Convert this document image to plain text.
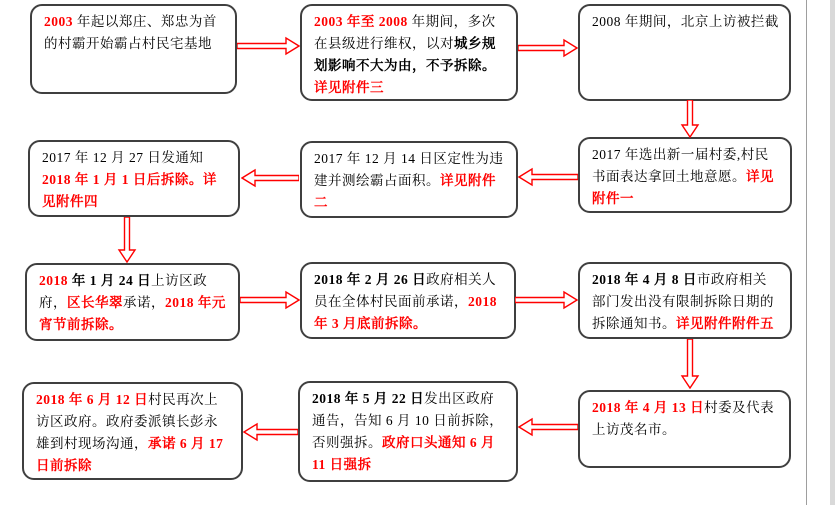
2003 年起以郑庄、郑忠为首的村霸开始霸占村民宅基地
2003 年至 2008 年期间，多次在县级进行维权，以对城乡规划影响不大为由，不予拆除。详见附件三
2008 年期间，北京上访被拦截
2017 年选出新一届村委,村民书面表达拿回土地意愿。详见附件一
2017 年 12 月 14 日区定性为违建并测绘霸占面积。详见附件二
2017 年 12 月 27 日发通知 2018 年 1 月 1 日后拆除。详见附件四
2018 年 1 月 24 日上访区政府，区长华翠承诺，2018 年元宵节前拆除。
2018 年 2 月 26 日政府相关人员在全体村民面前承诺，2018 年 3 月底前拆除。
2018 年 4 月 8 日市政府相关部门发出没有限制拆除日期的拆除通知书。详见附件附件五
2018 年 4 月 13 日村委及代表上访茂名市。
2018 年 5 月 22 日发出区政府通告，告知 6 月 10 日前拆除，否则强拆。政府口头通知 6 月 11 日强拆
2018 年 6 月 12 日村民再次上访区政府。政府委派镇长彭永雄到村现场沟通，承诺 6 月 17 日前拆除
